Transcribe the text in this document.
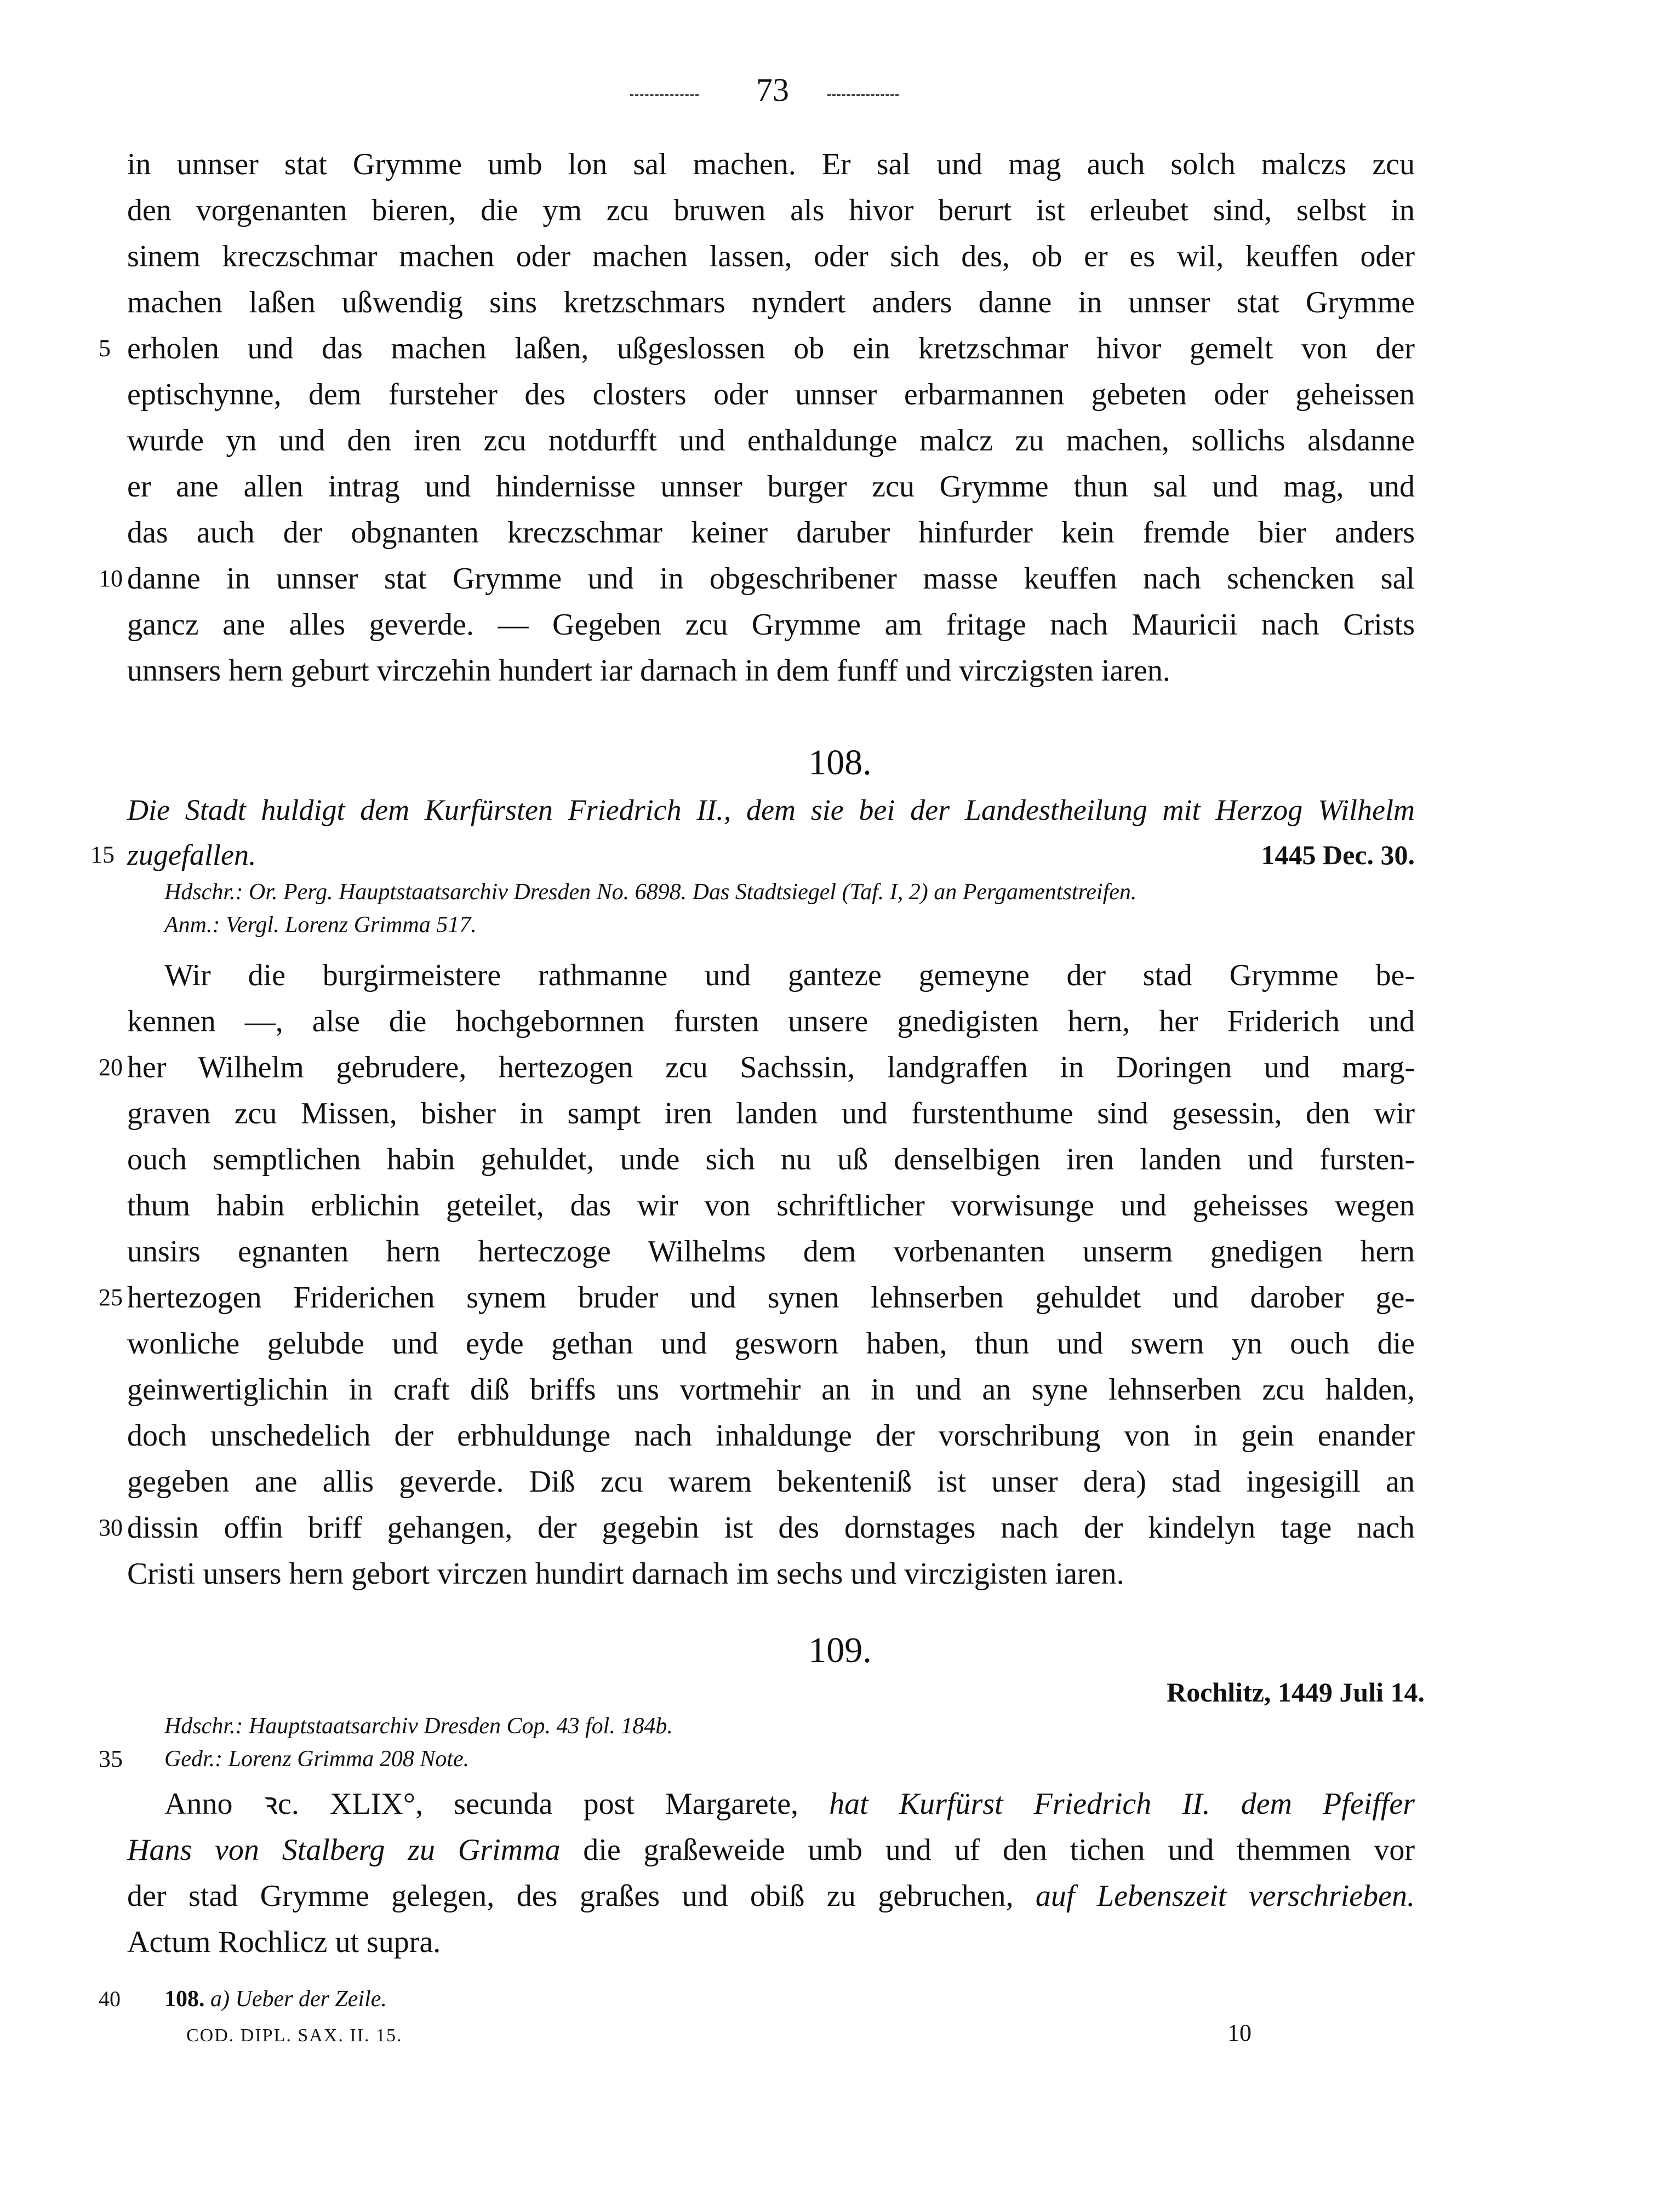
73
in unnser stat Grymme umb lon sal machen. Er sal und mag auch solch malczs zcu
den vorgenanten bieren, die ym zcu bruwen als hivor berurt ist erleubet sind, selbst in
sinem kreczschmar machen oder machen lassen, oder sich des, ob er es wil, keuffen oder
machen laßen ußwendig sins kretzschmars nyndert anders danne in unnser stat Grymme
5 erholen und das machen laßen, ußgeslossen ob ein kretzschmar hivor gemelt von der
eptischynne, dem fursteher des closters oder unnser erbarmannen gebeten oder geheissen
wurde yn und den iren zcu notdurfft und enthaldunge malcz zu machen, sollichs alsdanne
er ane allen intrag und hindernisse unnser burger zcu Grymme thun sal und mag, und
das auch der obgnanten kreczschmar keiner daruber hinfurder kein fremde bier anders
10 danne in unnser stat Grymme und in obgeschribener masse keuffen nach schencken sal
gancz ane alles geverde. — Gegeben zcu Grymme am fritage nach Mauricii nach Crists
unnsers hern geburt virczehin hundert iar darnach in dem funff und virczigsten iaren.
108.
Die Stadt huldigt dem Kurfürsten Friedrich II., dem sie bei der Landestheilung mit Herzog Wilhelm
15 zugefallen.	1445 Dec. 30.
Hdschr.: Or. Perg. Hauptstaatsarchiv Dresden No. 6898. Das Stadtsiegel (Taf. I, 2) an Pergamentstreifen.
Anm.: Vergl. Lorenz Grimma 517.
Wir die burgirmeistere rathmanne und ganteze gemeyne der stad Grymme be-
kennen —, alse die hochgebornnen fursten unsere gnedigisten hern, her Friderich und
20 her Wilhelm gebrudere, hertezogen zcu Sachssin, landgraffen in Doringen und marg-
graven zcu Missen, bisher in sampt iren landen und furstenthume sind gesessin, den wir
ouch semptlichen habin gehuldet, unde sich nu uß denselbigen iren landen und fursten-
thum habin erblichin geteilet, das wir von schriftlicher vorwisunge und geheisses wegen
unsirs egnanten hern herteczoge Wilhelms dem vorbenanten unserm gnedigen hern
25 hertezogen Friderichen synem bruder und synen lehnserben gehuldet und darober ge-
wonliche gelubde und eyde gethan und gesworn haben, thun und swern yn ouch die
geinwertiglichin in craft diß briffs uns vortmehir an in und an syne lehnserben zcu halden,
doch unschedelich der erbhuldunge nach inhaldunge der vorschribung von in gein enander
gegeben ane allis geverde. Diß zcu warem bekenteniß ist unser dera) stad ingesigill an
30 dissin offin briff gehangen, der gegebin ist des dornstages nach der kindelyn tage nach
Cristi unsers hern gebort virczen hundirt darnach im sechs und virczigisten iaren.
109.
Rochlitz, 1449 Juli 14.
Hdschr.: Hauptstaatsarchiv Dresden Cop. 43 fol. 184b.
35 Gedr.: Lorenz Grimma 208 Note.
Anno ꝛc. XLIX°, secunda post Margarete, hat Kurfürst Friedrich II. dem Pfeiffer
Hans von Stalberg zu Grimma die graßeweide umb und uf den tichen und themmen vor
der stad Grymme gelegen, des graßes und obiß zu gebruchen, auf Lebenszeit verschrieben.
Actum Rochlicz ut supra.
40 108. a) Ueber der Zeile.
COD. DIPL. SAX. II. 15.	10
